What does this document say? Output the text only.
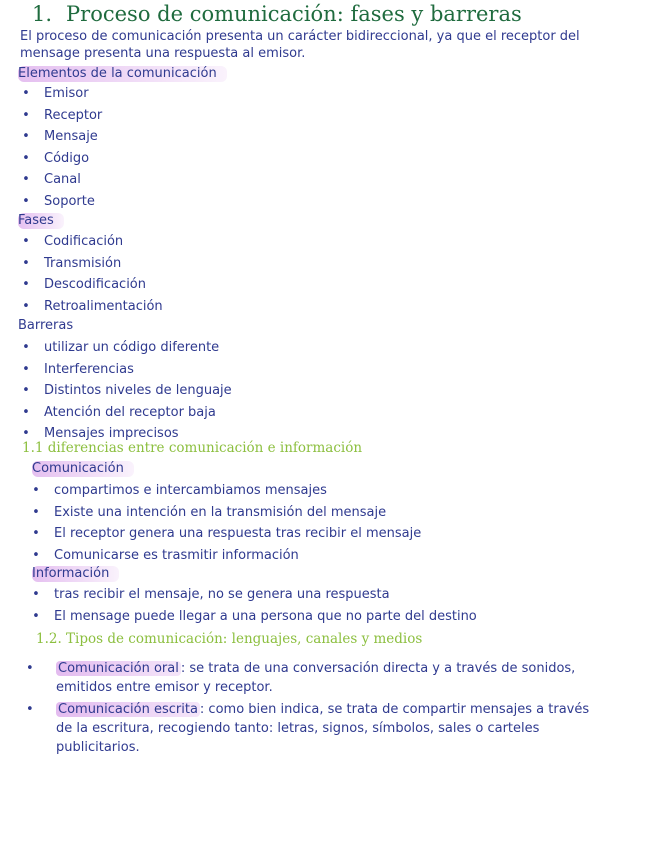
1. Proceso de comunicación: fases y barreras
El proceso de comunicación presenta un carácter bidireccional, ya que el receptor del mensage presenta una respuesta al emisor.
Elementos de la comunicación
• Emisor
• Receptor
• Mensaje
• Código
• Canal
• Soporte
Fases
• Codificación
• Transmisión
• Descodificación
• Retroalimentación
Barreras
• utilizar un código diferente
• Interferencias
• Distintos niveles de lenguaje
• Atención del receptor baja
• Mensajes imprecisos
1.1 diferencias entre comunicación e información
Comunicación
• compartimos e intercambiamos mensajes
• Existe una intención en la transmisión del mensaje
• El receptor genera una respuesta tras recibir el mensaje
• Comunicarse es trasmitir información
Información
• tras recibir el mensaje, no se genera una respuesta
• El mensage puede llegar a una persona que no parte del destino
1.2. Tipos de comunicación: lenguajes, canales y medios
• Comunicación oral : se trata de una conversación directa y a través de sonidos, emitidos entre emisor y receptor.
• Comunicación escrita : como bien indica, se trata de compartir mensajes a través de la escritura, recogiendo tanto: letras, signos, símbolos, sales o carteles publicitarios.
